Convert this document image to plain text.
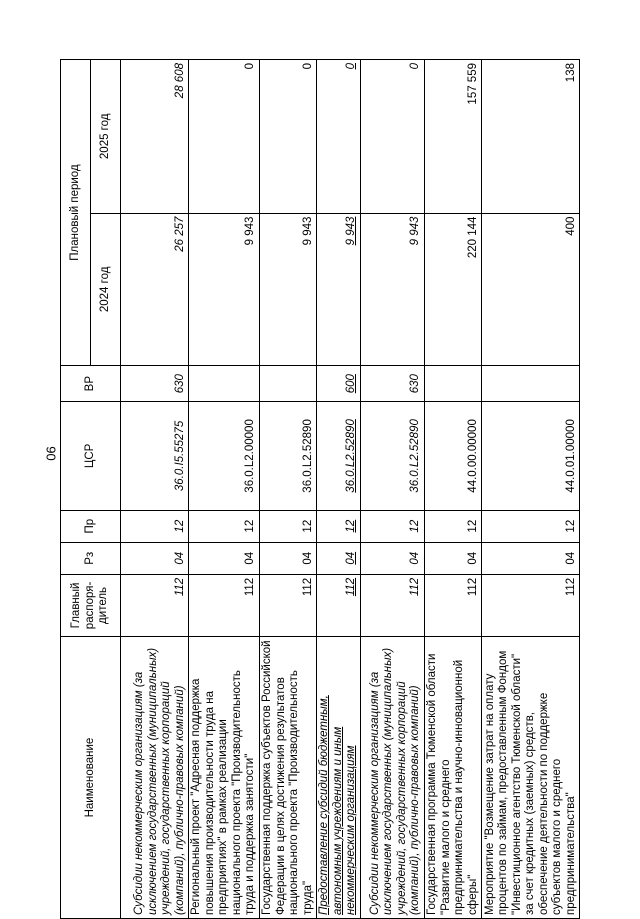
90
Наименование	Главный распоря-дитель	Рз	Пр	ЦСР	ВР	Плановый период	
						2024 год	2025 год
Субсидии некоммерческим организациям (за исключением государственных (муниципальных) учреждений, государственных корпораций (компаний), публично-правовых компаний)	112	04	12	36.0.I5.55275	630	26 257	28 608
Региональный проект "Адресная поддержка повышения производительности труда на предприятиях" в рамках реализации национального проекта "Производительность труда и поддержка занятости"	112	04	12	36.0.L2.00000		9 943	0
Государственная поддержка субъектов Российской Федерации в целях достижения результатов национального проекта "Производительность труда"	112	04	12	36.0.L2.52890		9 943	0
Предоставление субсидий бюджетным, автономным учреждениям и иным некоммерческим организациям	112	04	12	36.0.L2.52890	600	9 943	0
Субсидии некоммерческим организациям (за исключением государственных (муниципальных) учреждений, государственных корпораций (компаний), публично-правовых компаний)	112	04	12	36.0.L2.52890	630	9 943	0
Государственная программа Тюменской области "Развитие малого и среднего предпринимательства и научно-инновационной сферы"	112	04	12	44.0.00.00000		220 144	157 559
Мероприятие "Возмещение затрат на оплату процентов по займам, предоставленным Фондом "Инвестиционное агентство Тюменской области" за счет кредитных (заемных) средств, обеспечение деятельности по поддержке субъектов малого и среднего предпринимательства"	112	04	12	44.0.01.00000		400	138
